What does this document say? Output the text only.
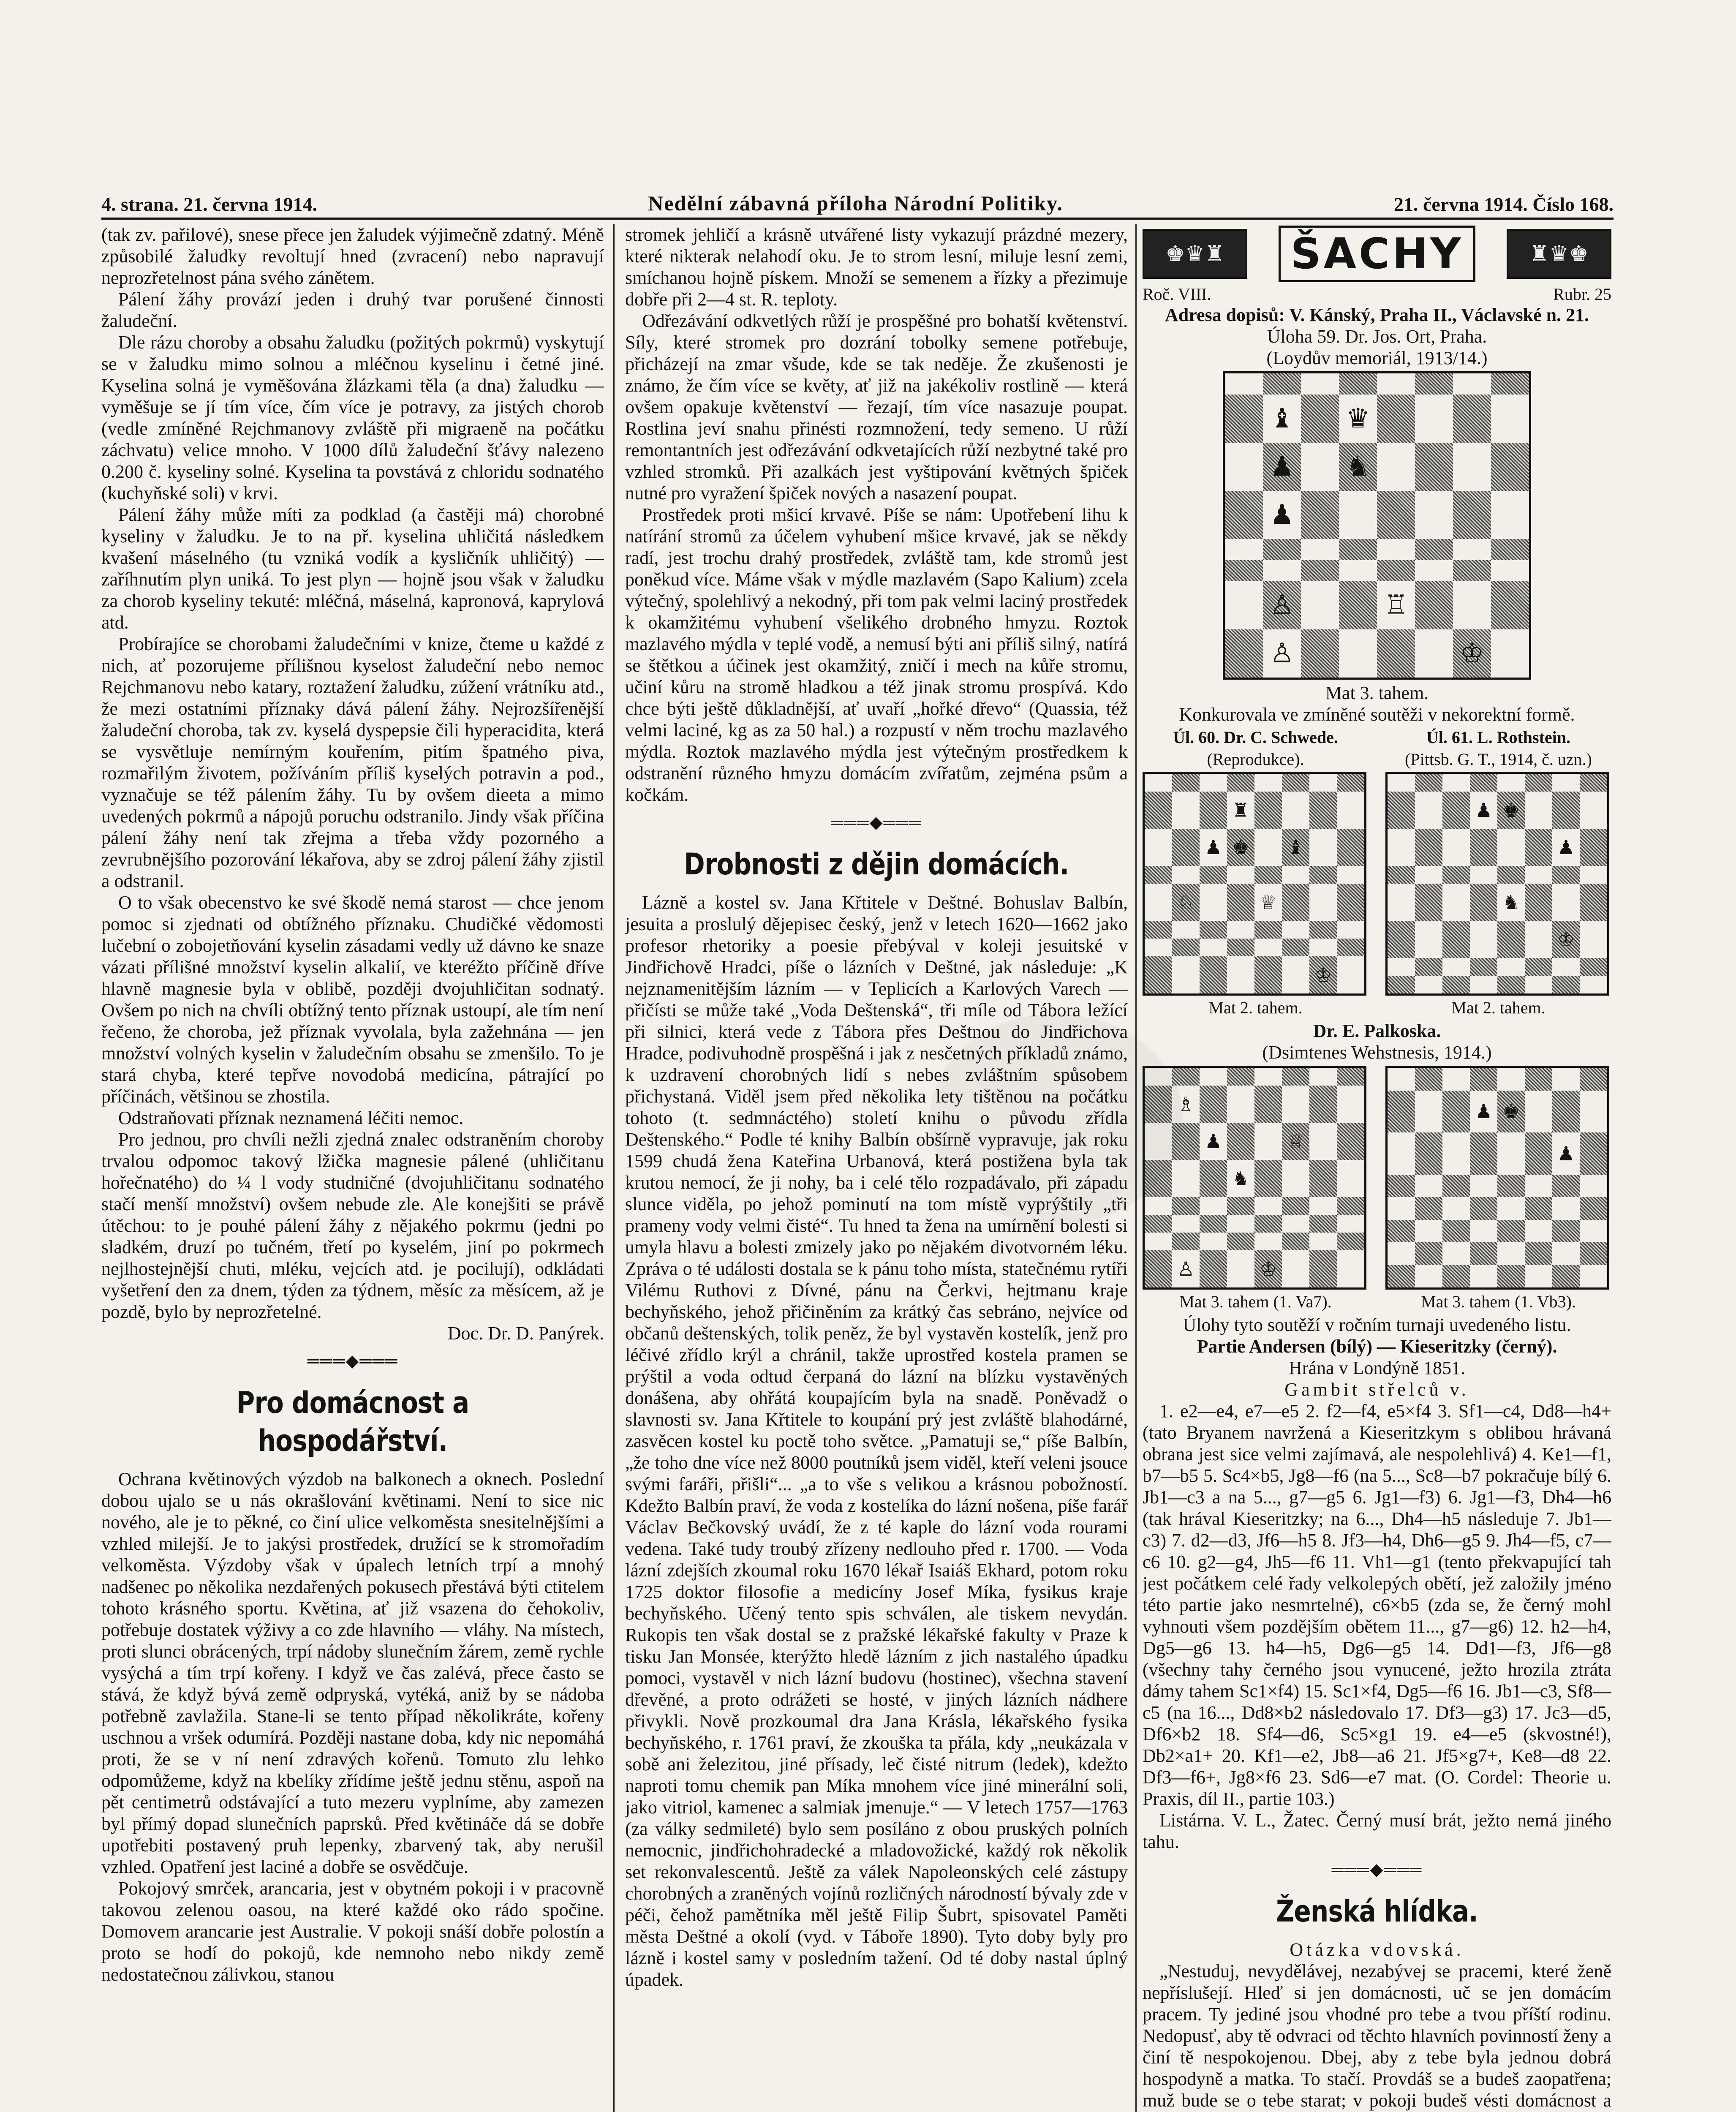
4. strana. 21. června 1914.	Nedělní zábavná příloha Národní Politiky.	21. června 1914. Číslo 168.

(tak zv. pařilové), snese přece jen žaludek výjimečně zdatný. Méně způsobilé žaludky revoltují hned (zvracení) nebo napravují neprozřetelnost pána svého zánětem.

Pálení žáhy provází jeden i druhý tvar porušené činnosti žaludeční.

Dle rázu choroby a obsahu žaludku (požitých pokrmů) vyskytují se v žaludku mimo solnou a mléčnou kyselinu i četné jiné. Kyselina solná je vyměšována žlázkami těla (a dna) žaludku — vyměšuje se jí tím více, čím více je potravy, za jistých chorob (vedle zmíněné Rejchmanovy zvláště při migraeně na počátku záchvatu) velice mnoho. V 1000 dílů žaludeční šťávy nalezeno 0.200 č. kyseliny solné. Kyselina ta povstává z chloridu sodnatého (kuchyňské soli) v krvi.

Pálení žáhy může míti za podklad (a častěji má) chorobné kyseliny v žaludku. Je to na př. kyselina uhličitá následkem kvašení máselného (tu vzniká vodík a kysličník uhličitý) — zaříhnutím plyn uniká. To jest plyn — hojně jsou však v žaludku za chorob kyseliny tekuté: mléčná, máselná, kapronová, kaprylová atd.

Probírajíce se chorobami žaludečními v knize, čteme u každé z nich, ať pozorujeme přílišnou kyselost žaludeční nebo nemoc Rejchmanovu nebo katary, roztažení žaludku, zúžení vrátníku atd., že mezi ostatními příznaky dává pálení žáhy. Nejrozšířenější žaludeční choroba, tak zv. kyselá dyspepsie čili hyperacidita, která se vysvětluje nemírným kouřením, pitím špatného piva, rozmařilým životem, požíváním příliš kyselých potravin a pod., vyznačuje se též pálením žáhy. Tu by ovšem dieeta a mimo uvedených pokrmů a nápojů poruchu odstranilo. Jindy však příčina pálení žáhy není tak zřejma a třeba vždy pozorného a zevrubnějšího pozorování lékařova, aby se zdroj pálení žáhy zjistil a odstranil.

O to však obecenstvo ke své škodě nemá starost — chce jenom pomoc si zjednati od obtížného příznaku. Chudičké vědomosti lučební o zobojetňování kyselin zásadami vedly už dávno ke snaze vázati přílišné množství kyselin alkalií, ve kteréžto příčině dříve hlavně magnesie byla v oblibě, později dvojuhličitan sodnatý. Ovšem po nich na chvíli obtížný tento příznak ustoupí, ale tím není řečeno, že choroba, jež příznak vyvolala, byla zažehnána — jen množství volných kyselin v žaludečním obsahu se zmenšilo. To je stará chyba, které tepřve novodobá medicína, pátrající po příčinách, většinou se zhostila.

Odstraňovati příznak neznamená léčiti nemoc.

Pro jednou, pro chvíli nežli zjedná znalec odstraněním choroby trvalou odpomoc takový lžička magnesie pálené (uhličitanu hořečnatého) do ¼ l vody studničné (dvojuhličitanu sodnatého stačí menší množství) ovšem nebude zle. Ale konejšiti se právě útěchou: to je pouhé pálení žáhy z nějakého pokrmu (jedni po sladkém, druzí po tučném, třetí po kyselém, jiní po pokrmech nejlhostejnější chuti, mléku, vejcích atd. je pocilují), odkládati vyšetření den za dnem, týden za týdnem, měsíc za měsícem, až je pozdě, bylo by neprozřetelné.

Doc. Dr. D. Panýrek.
═══◆═══
Pro domácnost a hospodářství.

Ochrana květinových výzdob na balkonech a oknech. Poslední dobou ujalo se u nás okrašlování květinami. Není to sice nic nového, ale je to pěkné, co činí ulice velkoměsta snesitelnějšími a vzhled milejší. Je to jakýsi prostředek, družící se k stromořadím velkoměsta. Výzdoby však v úpalech letních trpí a mnohý nadšenec po několika nezdařených pokusech přestává býti ctitelem tohoto krásného sportu. Květina, ať již vsazena do čehokoliv, potřebuje dostatek výživy a co zde hlavního — vláhy. Na místech, proti slunci obrácených, trpí nádoby slunečním žárem, země rychle vysýchá a tím trpí kořeny. I když ve čas zalévá, přece často se stává, že když bývá země odpryská, vytéká, aniž by se nádoba potřebně zavlažila. Stane-li se tento případ několikráte, kořeny uschnou a vršek odumírá. Později nastane doba, kdy nic nepomáhá proti, že se v ní není zdravých kořenů. Tomuto zlu lehko odpomůžeme, když na kbelíky zřídíme ještě jednu stěnu, aspoň na pět centimetrů odstávající a tuto mezeru vyplníme, aby zamezen byl přímý dopad slunečních paprsků. Před květináče dá se dobře upotřebiti postavený pruh lepenky, zbarvený tak, aby nerušil vzhled. Opatření jest laciné a dobře se osvědčuje.

Pokojový smrček, arancaria, jest v obytném pokoji i v pracovně takovou zelenou oasou, na které každé oko rádo spočine. Domovem arancarie jest Australie. V pokoji snáší dobře polostín a proto se hodí do pokojů, kde nemnoho nebo nikdy země nedostatečnou zálivkou, stanou

stromek jehličí a krásně utvářené listy vykazují prázdné mezery, které nikterak nelahodí oku. Je to strom lesní, miluje lesní zemi, smíchanou hojně pískem. Množí se semenem a řízky a přezimuje dobře při 2—4 st. R. teploty.

Odřezávání odkvetlých růží je prospěšné pro bohatší květenství. Síly, které stromek pro dozrání tobolky semene potřebuje, přicházejí na zmar všude, kde se tak neděje. Že zkušenosti je známo, že čím více se květy, ať již na jakékoliv rostlině — která ovšem opakuje květenství — řezají, tím více nasazuje poupat. Rostlina jeví snahu přinésti rozmnožení, tedy semeno. U růží remontantních jest odřezávání odkvetajících růží nezbytné také pro vzhled stromků. Při azalkách jest vyštipování květných špiček nutné pro vyražení špiček nových a nasazení poupat.

Prostředek proti mšicí krvavé. Píše se nám: Upotřebení lihu k natírání stromů za účelem vyhubení mšice krvavé, jak se někdy radí, jest trochu drahý prostředek, zvláště tam, kde stromů jest poněkud více. Máme však v mýdle mazlavém (Sapo Kalium) zcela výtečný, spolehlivý a nekodný, při tom pak velmi laciný prostředek k okamžitému vyhubení všelikého drobného hmyzu. Roztok mazlavého mýdla v teplé vodě, a nemusí býti ani příliš silný, natírá se štětkou a účinek jest okamžitý, zničí i mech na kůře stromu, učiní kůru na stromě hladkou a též jinak stromu prospívá. Kdo chce býti ještě důkladnější, ať uvaří „hořké dřevo“ (Quassia, též velmi laciné, kg as za 50 hal.) a rozpustí v něm trochu mazlavého mýdla. Roztok mazlavého mýdla jest výtečným prostředkem k odstranění různého hmyzu domácím zvířatům, zejména psům a kočkám.

═══◆═══
Drobnosti z dějin domácích.

Lázně a kostel sv. Jana Křtitele v Deštné. Bohuslav Balbín, jesuita a proslulý dějepisec český, jenž v letech 1620—1662 jako profesor rhetoriky a poesie přebýval v koleji jesuitské v Jindřichově Hradci, píše o lázních v Deštné, jak následuje: „K nejznamenitějším lázním — v Teplicích a Karlových Varech — přičísti se může také „Voda Deštenská“, tři míle od Tábora ležící při silnici, která vede z Tábora přes Deštnou do Jindřichova Hradce, podivuhodně prospěšná i jak z nesčetných příkladů známo, k uzdravení chorobných lidí s nebes zvláštním spůsobem přichystaná. Viděl jsem před několika lety tištěnou na počátku tohoto (t. sedmnáctého) století knihu o původu zřídla Deštenského.“ Podle té knihy Balbín obšírně vypravuje, jak roku 1599 chudá žena Kateřina Urbanová, která postižena byla tak krutou nemocí, že ji nohy, ba i celé tělo rozpadávalo, při západu slunce viděla, po jehož pominutí na tom místě vyprýštily „tři prameny vody velmi čisté“. Tu hned ta žena na umírnění bolesti si umyla hlavu a bolesti zmizely jako po nějakém divotvorném léku. Zpráva o té události dostala se k pánu toho místa, statečnému rytíři Vilému Ruthovi z Dívné, pánu na Čerkvi, hejtmanu kraje bechyňského, jehož přičiněním za krátký čas sebráno, nejvíce od občanů deštenských, tolik peněz, že byl vystavěn kostelík, jenž pro léčivé zřídlo krýl a chránil, takže uprostřed kostela pramen se prýštil a voda odtud čerpaná do lázní na blízku vystavěných donášena, aby ohřátá koupajícím byla na snadě. Poněvadž o slavnosti sv. Jana Křtitele to koupání prý jest zvláště blahodárné, zasvěcen kostel ku poctě toho světce. „Pamatuji se,“ píše Balbín, „že toho dne více než 8000 poutníků jsem viděl, kteří veleni jsouce svými faráři, přišli“... „a to vše s velikou a krásnou pobožností. Kdežto Balbín praví, že voda z kostelíka do lázní nošena, píše farář Václav Bečkovský uvádí, že z té kaple do lázní voda rourami vedena. Také tudy troubý zřízeny nedlouho před r. 1700. — Voda lázní zdejších zkoumal roku 1670 lékař Isaiáš Ekhard, potom roku 1725 doktor filosofie a medicíny Josef Míka, fysikus kraje bechyňského. Učený tento spis schválen, ale tiskem nevydán. Rukopis ten však dostal se z pražské lékařské fakulty v Praze k tisku Jan Monsée, kterýžto hledě lázním z jich nastalého úpadku pomoci, vystavěl v nich lázní budovu (hostinec), všechna stavení dřevěné, a proto odrážeti se hosté, v jiných lázních nádhere přivykli. Nově prozkoumal dra Jana Krásla, lékařského fysika bechyňského, r. 1761 praví, že zkouška ta přála, kdy „neukázala v sobě ani železitou, jiné přísady, leč čisté nitrum (ledek), kdežto naproti tomu chemik pan Míka mnohem více jiné minerální soli, jako vitriol, kamenec a salmiak jmenuje.“ — V letech 1757—1763 (za války sedmileté) bylo sem posíláno z obou pruských polních nemocnic, jindřichohradecké a mladovožické, každý rok několik set rekonvalescentů. Ještě za válek Napoleonských celé zástupy chorobných a zraněných vojínů rozličných národností bývaly zde v péči, čehož pamětníka měl ještě Filip Šubrt, spisovatel Paměti města Deštné a okolí (vyd. v Táboře 1890). Tyto doby byly pro lázně i kostel samy v posledním tažení. Od té doby nastal úplný úpadek.

♚♛♜	ŠACHY	♜♛♚
Roč. VIII.	Rubr. 25
Adresa dopisů: V. Kánský, Praha II., Václavské n. 21.
Úloha 59. Dr. Jos. Ort, Praha.
(Loydův memoriál, 1913/14.)
♝ ♛
♟ ♞
♟
♙	♖
♙	♔
Mat 3. tahem.
Konkurovala ve zmíněné soutěži v nekorektní formě.
Úl. 60. Dr. C. Schwede.	Úl. 61. L. Rothstein.
(Reprodukce).	(Pittsb. G. T., 1914, č. uzn.)
♜
♟ ♚ ♝
♘	♕
♔
♟ ♚
♟
♞
♔
Mat 2. tahem.	Mat 2. tahem.
Dr. E. Palkoska.
(Dsimtenes Wehstnesis, 1914.)
♗
♟	♕
♞
♙	♔
♟ ♚
♟
Mat 3. tahem (1. Va7).	Mat 3. tahem (1. Vb3).
Úlohy tyto soutěží v ročním turnaji uvedeného listu.
Partie Andersen (bílý) — Kieseritzky (černý).
Hrána v Londýně 1851.
Gambit střelců v.

1. e2—e4, e7—e5 2. f2—f4, e5×f4 3. Sf1—c4, Dd8—h4+ (tato Bryanem navržená a Kieseritzkym s oblibou hrávaná obrana jest sice velmi zajímavá, ale nespolehlivá) 4. Ke1—f1, b7—b5 5. Sc4×b5, Jg8—f6 (na 5..., Sc8—b7 pokračuje bílý 6. Jb1—c3 a na 5..., g7—g5 6. Jg1—f3) 6. Jg1—f3, Dh4—h6 (tak hrával Kieseritzky; na 6..., Dh4—h5 následuje 7. Jb1—c3) 7. d2—d3, Jf6—h5 8. Jf3—h4, Dh6—g5 9. Jh4—f5, c7—c6 10. g2—g4, Jh5—f6 11. Vh1—g1 (tento překvapující tah jest počátkem celé řady velkolepých obětí, jež založily jméno této partie jako nesmrtelné), c6×b5 (zda se, že černý mohl vyhnouti všem pozdějším obětem 11..., g7—g6) 12. h2—h4, Dg5—g6 13. h4—h5, Dg6—g5 14. Dd1—f3, Jf6—g8 (všechny tahy černého jsou vynucené, ježto hrozila ztráta dámy tahem Sc1×f4) 15. Sc1×f4, Dg5—f6 16. Jb1—c3, Sf8—c5 (na 16..., Dd8×b2 následovalo 17. Df3—g3) 17. Jc3—d5, Df6×b2 18. Sf4—d6, Sc5×g1 19. e4—e5 (skvostné!), Db2×a1+ 20. Kf1—e2, Jb8—a6 21. Jf5×g7+, Ke8—d8 22. Df3—f6+, Jg8×f6 23. Sd6—e7 mat. (O. Cordel: Theorie u. Praxis, díl II., partie 103.)

Listárna. V. L., Žatec. Černý musí brát, ježto nemá jiného tahu.

═══◆═══
Ženská hlídka.
Otázka vdovská.

„Nestuduj, nevydělávej, nezabývej se pracemi, které ženě nepříslušejí. Hleď si jen domácnosti, uč se jen domácím pracem. Ty jediné jsou vhodné pro tebe a tvou příští rodinu. Nedopusť, aby tě odvraci od těchto hlavních povinností ženy a činí tě nespokojenou. Dbej, aby z tebe byla jednou dobrá hospodyně a matka. To stačí. Provdáš se a budeš zaopatřena; muž bude se o tebe starat; v pokoji budeš vésti domácnost a
